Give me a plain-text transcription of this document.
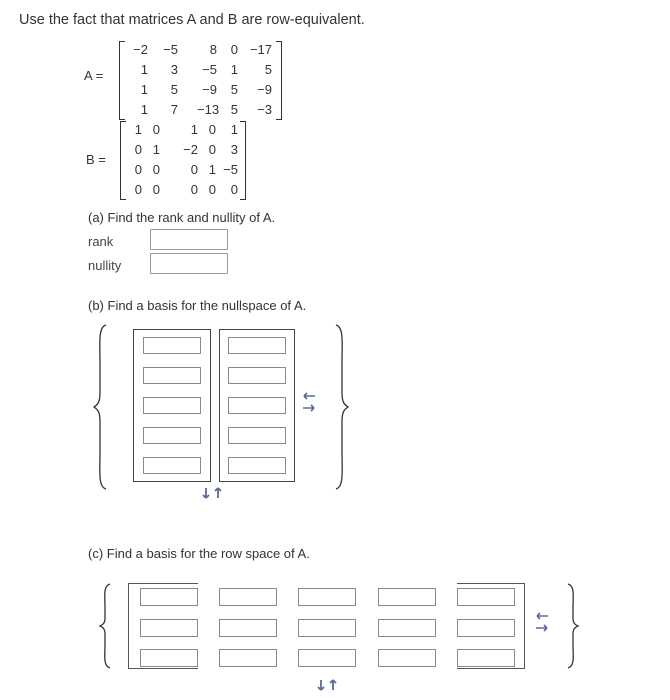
Use the fact that matrices A and B are row-equivalent.
A =
−2	−5	8	0 −17
1	3	−5	1	5
1	5	−9	5	−9
1	7 −13 5	−3
B =
1 0	1 0	1
0 1	−2 0	3
0 0	0 1 −5
0 0	0 0	0
(a) Find the rank and nullity of A.
rank
nullity
(b) Find a basis for the nullspace of A.
(c) Find a basis for the row space of A.
